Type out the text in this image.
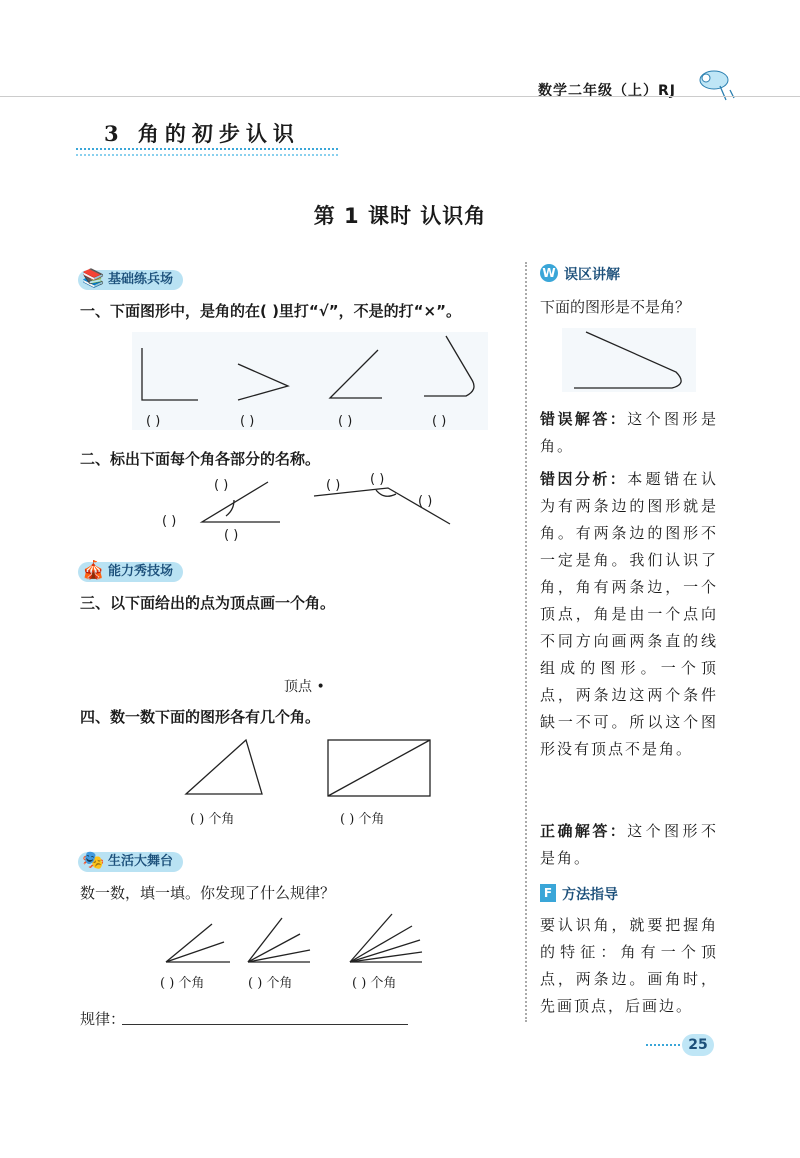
数学二年级（上）RJ
3 角的初步认识
第 1 课时 认识角
📚 基础练兵场
一、下面图形中，是角的在( )里打“√”，不是的打“×”。
( )	( )	( )	( )
二、标出下面每个角各部分的名称。
( )
( )
( )
( ) ( )
( )
🎪 能力秀技场
三、以下面给出的点为顶点画一个角。
顶点 •
四、数一数下面的图形各有几个角。
( ) 个角	( ) 个角
🎭 生活大舞台
数一数，填一填。你发现了什么规律？
( ) 个角	( ) 个角	( ) 个角
规律：
W 误区讲解
下面的图形是不是角？
错误解答：这个图形是角。
错因分析：本题错在认为有两条边的图形就是角。有两条边的图形不一定是角。我们认识了角，角有两条边，一个顶点，角是由一个点向不同方向画两条直的线组成的图形。一个顶点，两条边这两个条件缺一不可。所以这个图形没有顶点不是角。
正确解答：这个图形不是角。
F 方法指导
要认识角，就要把握角的特征：角有一个顶点，两条边。画角时，先画顶点，后画边。
25
